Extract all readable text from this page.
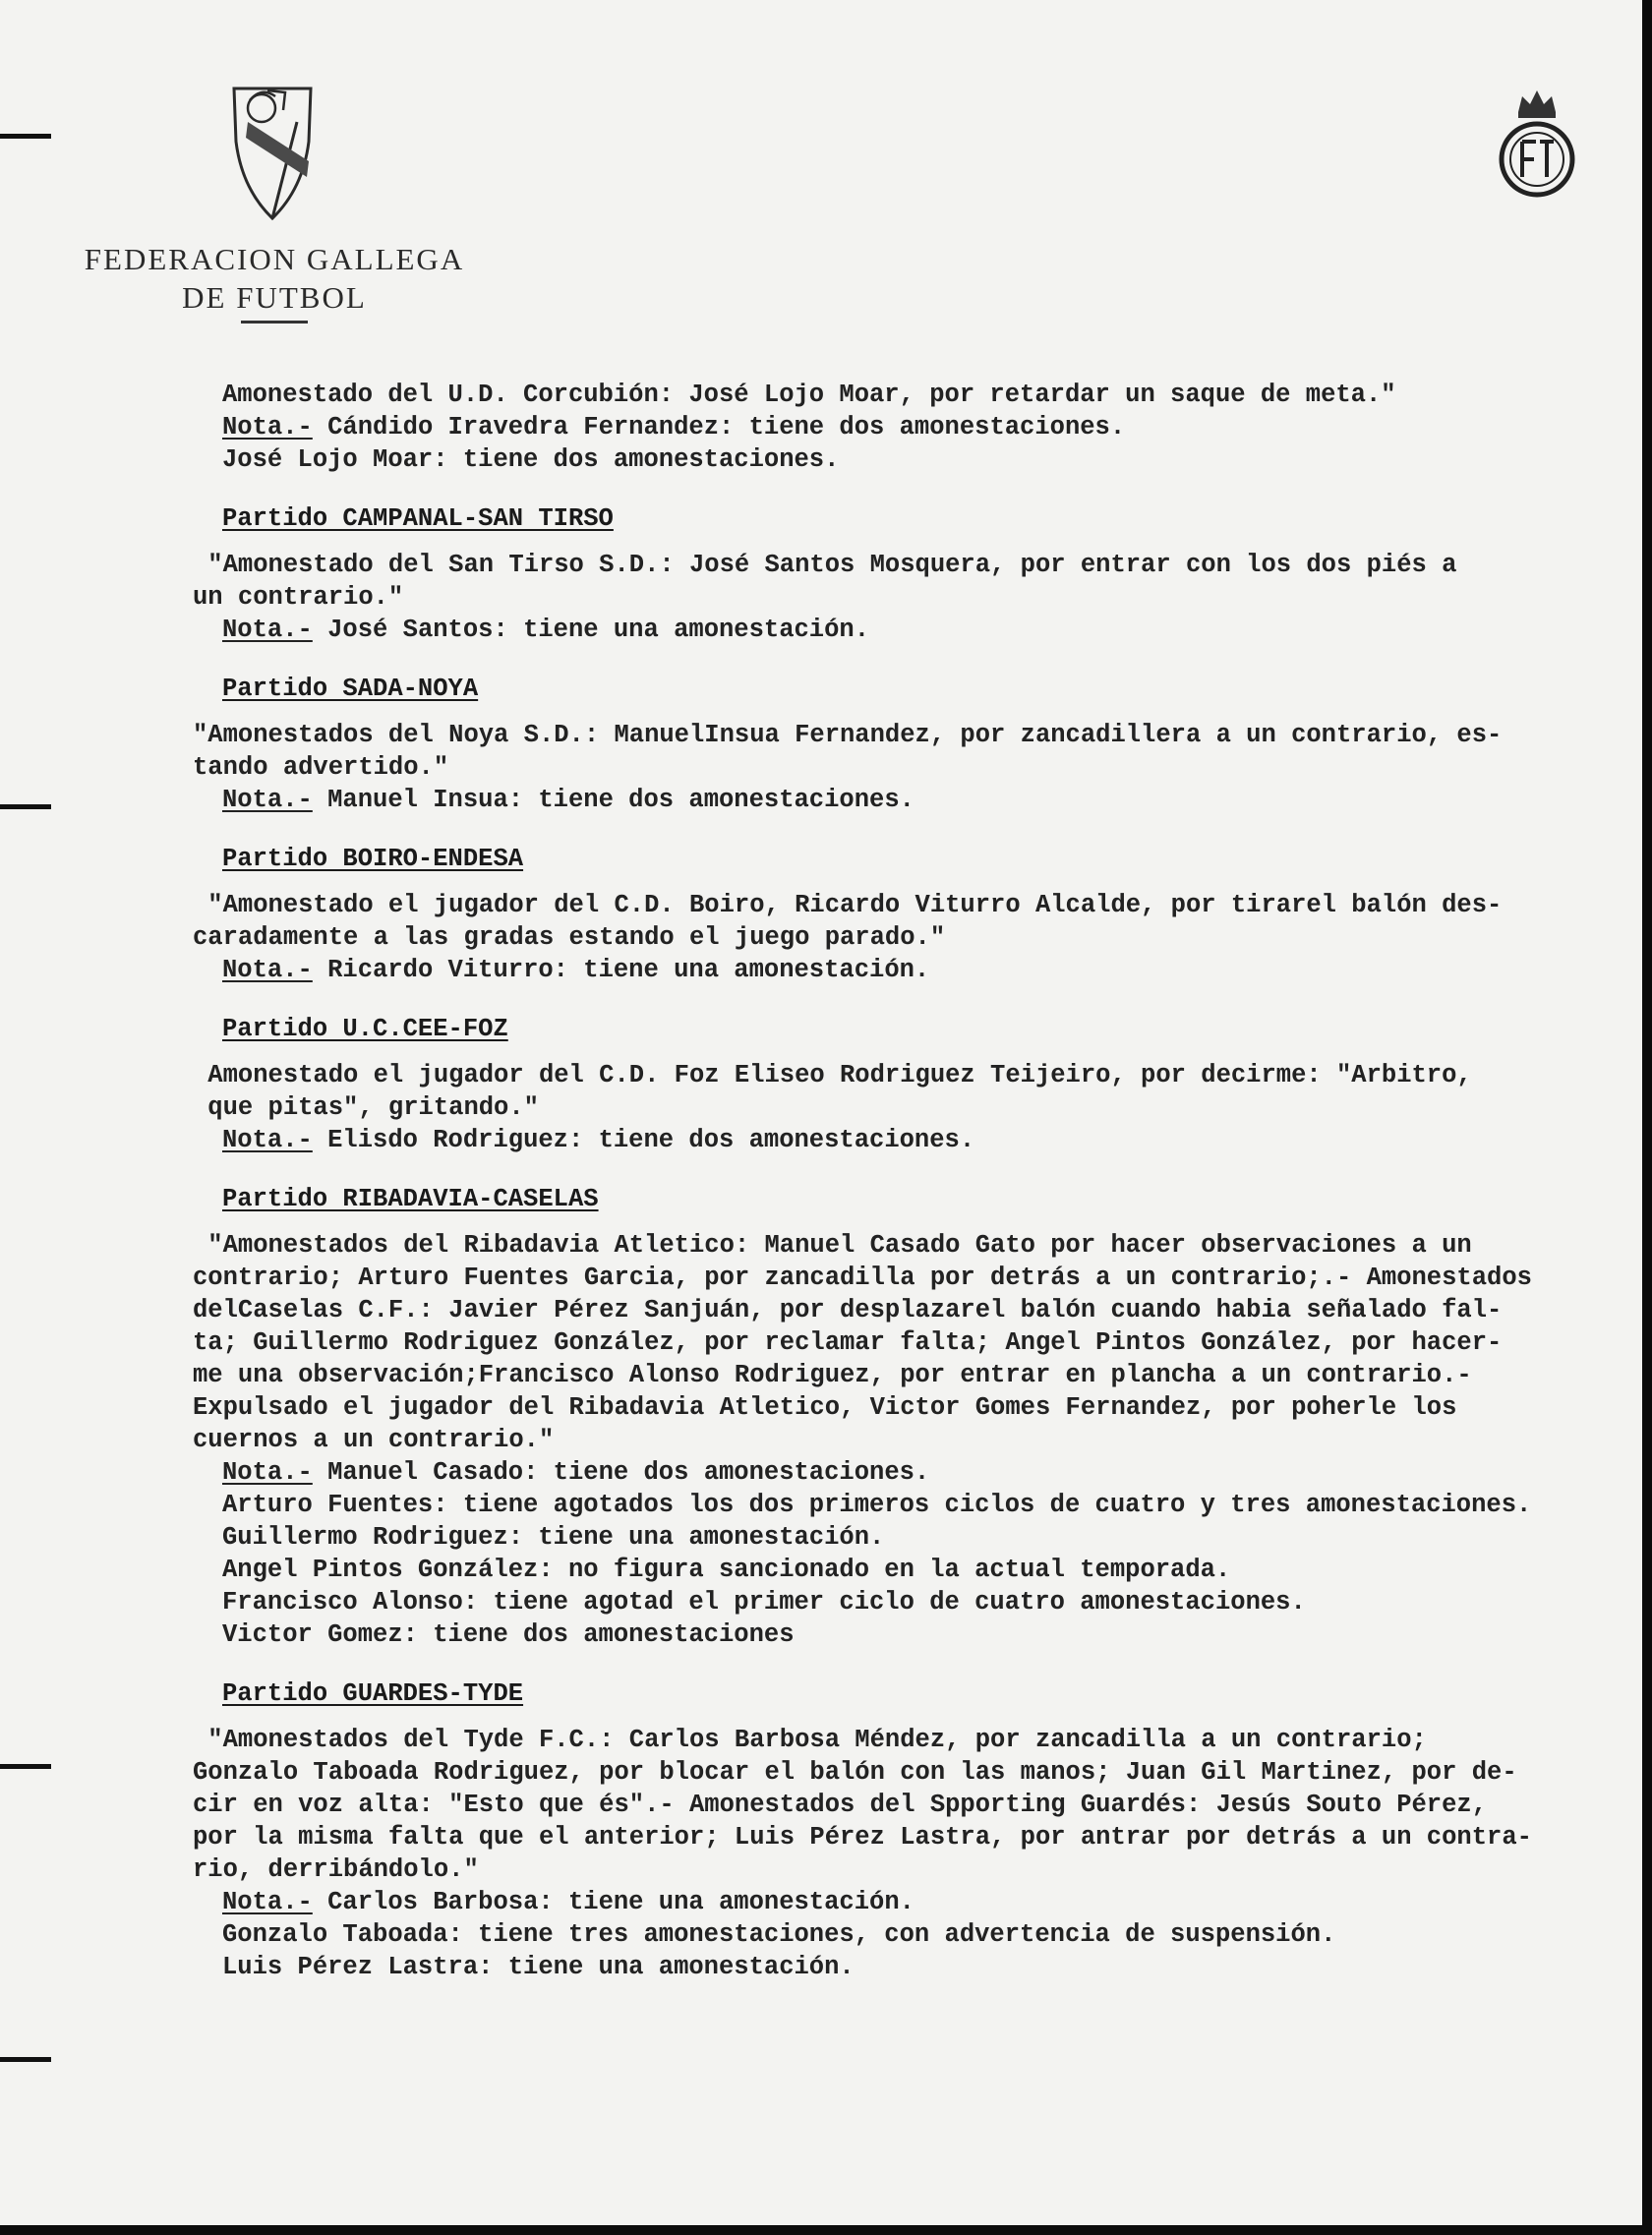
FEDERACION GALLEGA
DE FUTBOL
Amonestado del U.D. Corcubión: José Lojo Moar, por retardar un saque de meta."
Nota.- Cándido Iravedra Fernandez: tiene dos amonestaciones.
José Lojo Moar: tiene dos amonestaciones.
Partido CAMPANAL-SAN TIRSO
"Amonestado del San Tirso S.D.: José Santos Mosquera, por entrar con los dos piés a
un contrario."
Nota.- José Santos: tiene una amonestación.
Partido SADA-NOYA
"Amonestados del Noya S.D.: ManuelInsua Fernandez, por zancadillera a un contrario, es-
tando advertido."
Nota.- Manuel Insua: tiene dos amonestaciones.
Partido BOIRO-ENDESA
"Amonestado el jugador del C.D. Boiro, Ricardo Viturro Alcalde, por tirarel balón des-
caradamente a las gradas estando el juego parado."
Nota.- Ricardo Viturro: tiene una amonestación.
Partido U.C.CEE-FOZ
Amonestado el jugador del C.D. Foz Eliseo Rodriguez Teijeiro, por decirme: "Arbitro,
que pitas", gritando."
Nota.- Elisdo Rodriguez: tiene dos amonestaciones.
Partido RIBADAVIA-CASELAS
"Amonestados del Ribadavia Atletico: Manuel Casado Gato por hacer observaciones a un
contrario; Arturo Fuentes Garcia, por zancadilla por detrás a un contrario;.- Amonestados
delCaselas C.F.: Javier Pérez Sanjuán, por desplazarel balón cuando habia señalado fal-
ta; Guillermo Rodriguez González, por reclamar falta; Angel Pintos González, por hacer-
me una observación;Francisco Alonso Rodriguez, por entrar en plancha a un contrario.-
Expulsado el jugador del Ribadavia Atletico, Victor Gomes Fernandez, por poherle los
cuernos a un contrario."
Nota.- Manuel Casado: tiene dos amonestaciones.
Arturo Fuentes: tiene agotados los dos primeros ciclos de cuatro y tres amonestaciones.
Guillermo Rodriguez: tiene una amonestación.
Angel Pintos González: no figura sancionado en la actual temporada.
Francisco Alonso: tiene agotad el primer ciclo de cuatro amonestaciones.
Victor Gomez: tiene dos amonestaciones
Partido GUARDES-TYDE
"Amonestados del Tyde F.C.: Carlos Barbosa Méndez, por zancadilla a un contrario;
Gonzalo Taboada Rodriguez, por blocar el balón con las manos; Juan Gil Martinez, por de-
cir en voz alta: "Esto que és".- Amonestados del Spporting Guardés: Jesús Souto Pérez,
por la misma falta que el anterior; Luis Pérez Lastra, por antrar por detrás a un contra-
rio, derribándolo."
Nota.- Carlos Barbosa: tiene una amonestación.
Gonzalo Taboada: tiene tres amonestaciones, con advertencia de suspensión.
Luis Pérez Lastra: tiene una amonestación.
